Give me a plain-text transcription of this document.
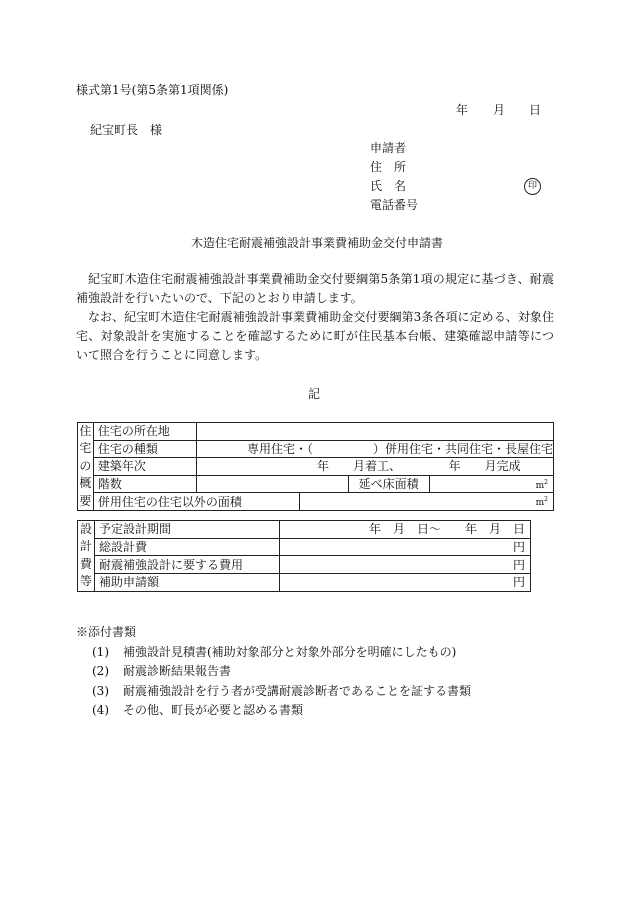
様式第1号(第5条第1項関係)
年 月 日
紀宝町長　様
申請者
住　所
氏　名	印
電話番号
木造住宅耐震補強設計事業費補助金交付申請書
紀宝町木造住宅耐震補強設計事業費補助金交付要綱第5条第1項の規定に基づき、耐震補強設計を行いたいので、下記のとおり申請します。
なお、紀宝町木造住宅耐震補強設計事業費補助金交付要綱第3条各項に定める、対象住宅、対象設計を実施することを確認するために町が住民基本台帳、建築確認申請等について照合を行うことに同意します。
記
住宅の概要	住宅の所在地				
	住宅の種類	専用住宅・（　　　　　）併用住宅・共同住宅・長屋住宅			
	建築年次	年　　月着工、 年　　月完成			
	階数			延べ床面積	$m^2$
	併用住宅の住宅以外の面積		$m^2$
設計費等	予定設計期間	年　月　日～　　年　月　日
	総設計費	円
	耐震補強設計に要する費用	円
	補助申請額	円
※添付書類
(1) 補強設計見積書(補助対象部分と対象外部分を明確にしたもの)
(2) 耐震診断結果報告書
(3) 耐震補強設計を行う者が受講耐震診断者であることを証する書類
(4) その他、町長が必要と認める書類
